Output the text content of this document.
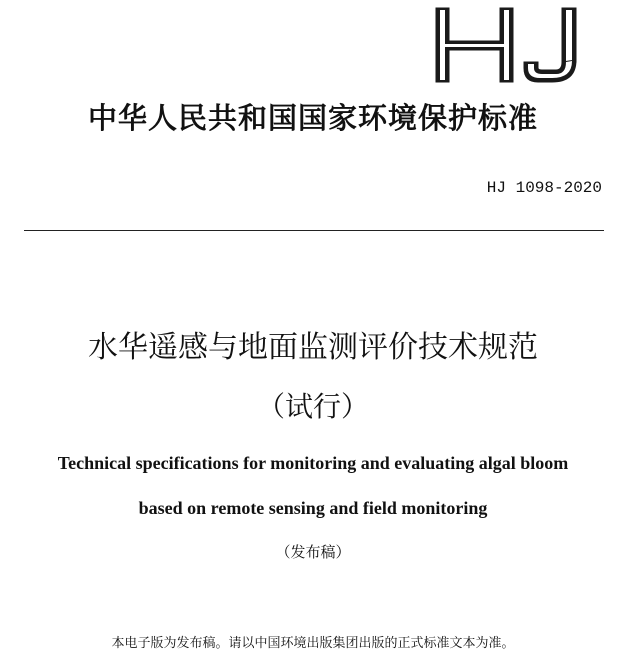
中华人民共和国国家环境保护标准
HJ 1098-2020
水华遥感与地面监测评价技术规范
（试行）
Technical specifications for monitoring and evaluating algal bloom
based on remote sensing and field monitoring
（发布稿）
本电子版为发布稿。请以中国环境出版集团出版的正式标准文本为准。
